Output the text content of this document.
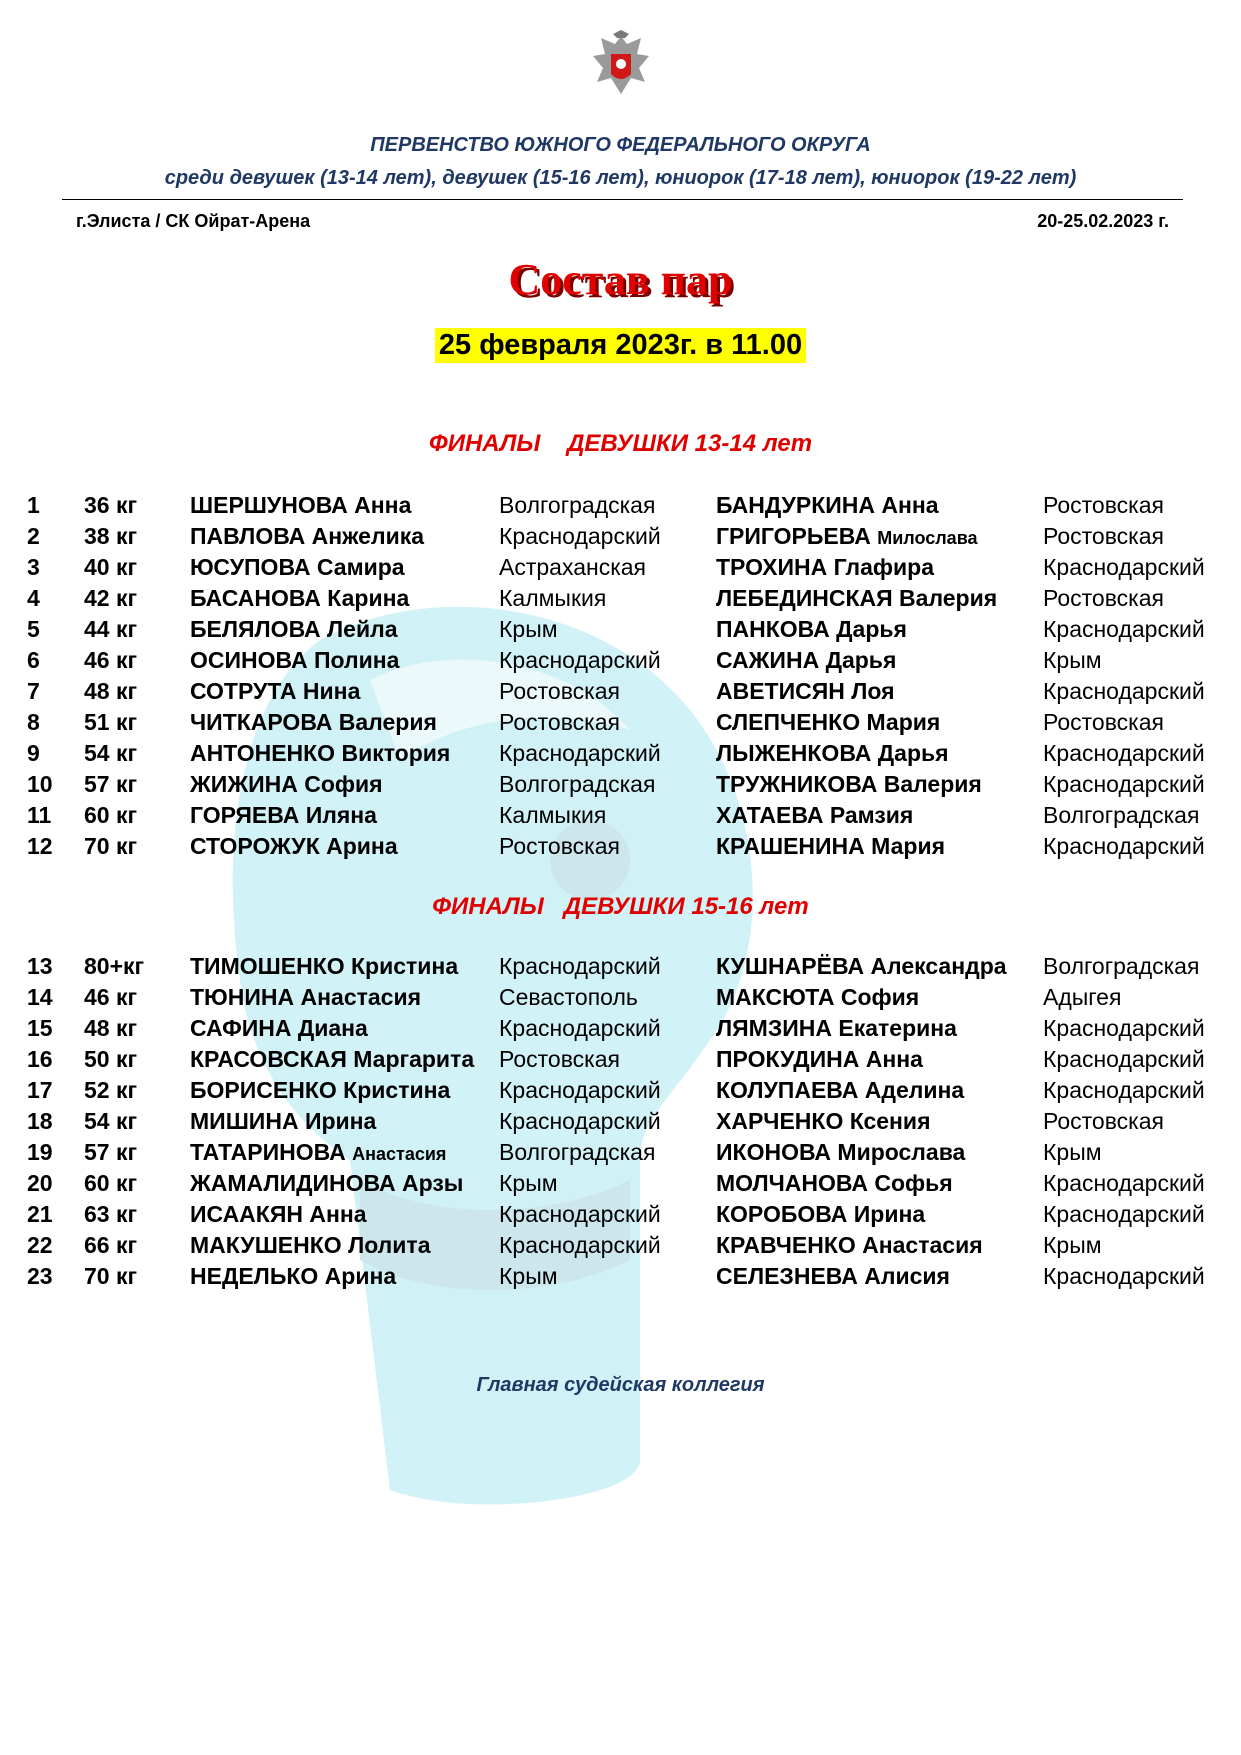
ПЕРВЕНСТВО ЮЖНОГО ФЕДЕРАЛЬНОГО ОКРУГА
среди девушек (13-14 лет), девушек (15-16 лет), юниорок (17-18 лет), юниорок (19-22 лет)
г.Элиста / СК Ойрат-Арена	20-25.02.2023 г.
Состав пар
25 февраля 2023г. в 11.00
ФИНАЛЫ    ДЕВУШКИ 13-14 лет
1 36 кг ШЕРШУНОВА Анна	Волгоградская	БАНДУРКИНА Анна	Ростовская
2 38 кг ПАВЛОВА Анжелика	Краснодарский ГРИГОРЬЕВА Милослава	Ростовская
3 40 кг ЮСУПОВА Самира	Астраханская	ТРОХИНА Глафира	Краснодарский
4 42 кг БАСАНОВА Карина	Калмыкия	ЛЕБЕДИНСКАЯ Валерия Ростовская
5 44 кг БЕЛЯЛОВА Лейла	Крым	ПАНКОВА Дарья	Краснодарский
6 46 кг ОСИНОВА Полина	Краснодарский САЖИНА Дарья	Крым
7 48 кг СОТРУТА Нина	Ростовская	АВЕТИСЯН Лоя	Краснодарский
8 51 кг ЧИТКАРОВА Валерия	Ростовская	СЛЕПЧЕНКО Мария	Ростовская
9 54 кг АНТОНЕНКО Виктория Краснодарский ЛЫЖЕНКОВА Дарья	Краснодарский
10 57 кг ЖИЖИНА София	Волгоградская	ТРУЖНИКОВА Валерия	Краснодарский
11 60 кг ГОРЯЕВА Иляна	Калмыкия	ХАТАЕВА Рамзия	Волгоградская
12 70 кг СТОРОЖУК Арина	Ростовская	КРАШЕНИНА Мария	Краснодарский
ФИНАЛЫ   ДЕВУШКИ 15-16 лет
13 80+кг ТИМОШЕНКО Кристина Краснодарский КУШНАРЁВА Александра Волгоградская
14 46 кг ТЮНИНА Анастасия	Севастополь	МАКСЮТА София	Адыгея
15 48 кг САФИНА Диана	Краснодарский ЛЯМЗИНА Екатерина	Краснодарский
16 50 кг КРАСОВСКАЯ Маргарита Ростовская	ПРОКУДИНА Анна	Краснодарский
17 52 кг БОРИСЕНКО Кристина Краснодарский КОЛУПАЕВА Аделина	Краснодарский
18 54 кг МИШИНА Ирина	Краснодарский ХАРЧЕНКО Ксения	Ростовская
19 57 кг ТАТАРИНОВА Анастасия Волгоградская	ИКОНОВА Мирослава	Крым
20 60 кг ЖАМАЛИДИНОВА Арзы Крым	МОЛЧАНОВА Софья	Краснодарский
21 63 кг ИСААКЯН Анна	Краснодарский КОРОБОВА Ирина	Краснодарский
22 66 кг МАКУШЕНКО Лолита	Краснодарский КРАВЧЕНКО Анастасия	Крым
23 70 кг НЕДЕЛЬКО Арина	Крым	СЕЛЕЗНЕВА Алисия	Краснодарский
Главная судейская коллегия
